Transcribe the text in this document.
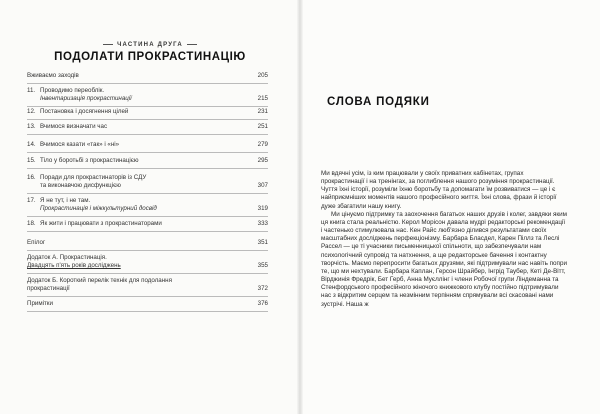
ЧАСТИНА ДРУГА
ПОДОЛАТИ ПРОКРАСТИНАЦІЮ
Вживаємо заходів	205
11. Проводимо переоблік.
Інвентаризація прокрастинації	215
12. Постановка і досягнення цілей	231
13. Вчимося визначати час	251
14. Вчимося казати «так» і «ні»	279
15. Тіло у боротьбі з прокрастинацією	295
16. Поради для прокрастинаторів із СДУ
та виконавчою дисфункцією	307
17. Я не тут, і не там.
Прокрастинація і міжкультурний досвід	319
18. Як жити і працювати з прокрастинаторами	333
Епілог	351
Додаток А. Прокрастинація.
Двадцять п'ять років досліджень	355
Додаток Б. Короткий перелік технік для подолання
прокрастинації	372
Примітки	376
СЛОВА ПОДЯКИ

Ми вдячні усім, із ким працювали у своїх приватних кабінетах, групах прокрастинації і на тренінгах, за поглиблення нашого розуміння прокрастинації. Чуття їхні історії, розуміли їхню боротьбу та допомагати їм розвиватися — це і є найприємніших моментів нашого професійного життя. Їхні слова, фрази й історії дуже збагатили нашу книгу.

Ми цінуємо підтримку та заохочення багатьох наших друзів і колег, завдяки яким ця книга стала реальністю. Керол Морісон давала мудрі редакторські рекомендації і частенько стимулювала нас. Кен Райс люб'язно ділився результатами своїх масштабних досліджень перфекціонізму. Барбара Бласдел, Карен Пiллз та Леслі Рассел — це ті учасники письменницької спільноти, що забезпечували нам психологічний супровід та натхнення, а ще редакторське бачення і контактну творчість. Маємо перепросити багатьох друзями, які підтримували нас навіть попри те, що ми нехтували. Барбара Каплан, Герсон Шрайбер, Інгрід Таубер, Кеті Де-Вітт, Вірджинія Фредрік, Бет Герб, Анна Муєллінг і члени Робочої групи Ліндеманна та Стенфордського професійного жіночого книжкового клубу постійно підтримували нас з відкритим серцем та незмінним терпінням спрямували всі скасовані нами зустрічі. Наша ж
